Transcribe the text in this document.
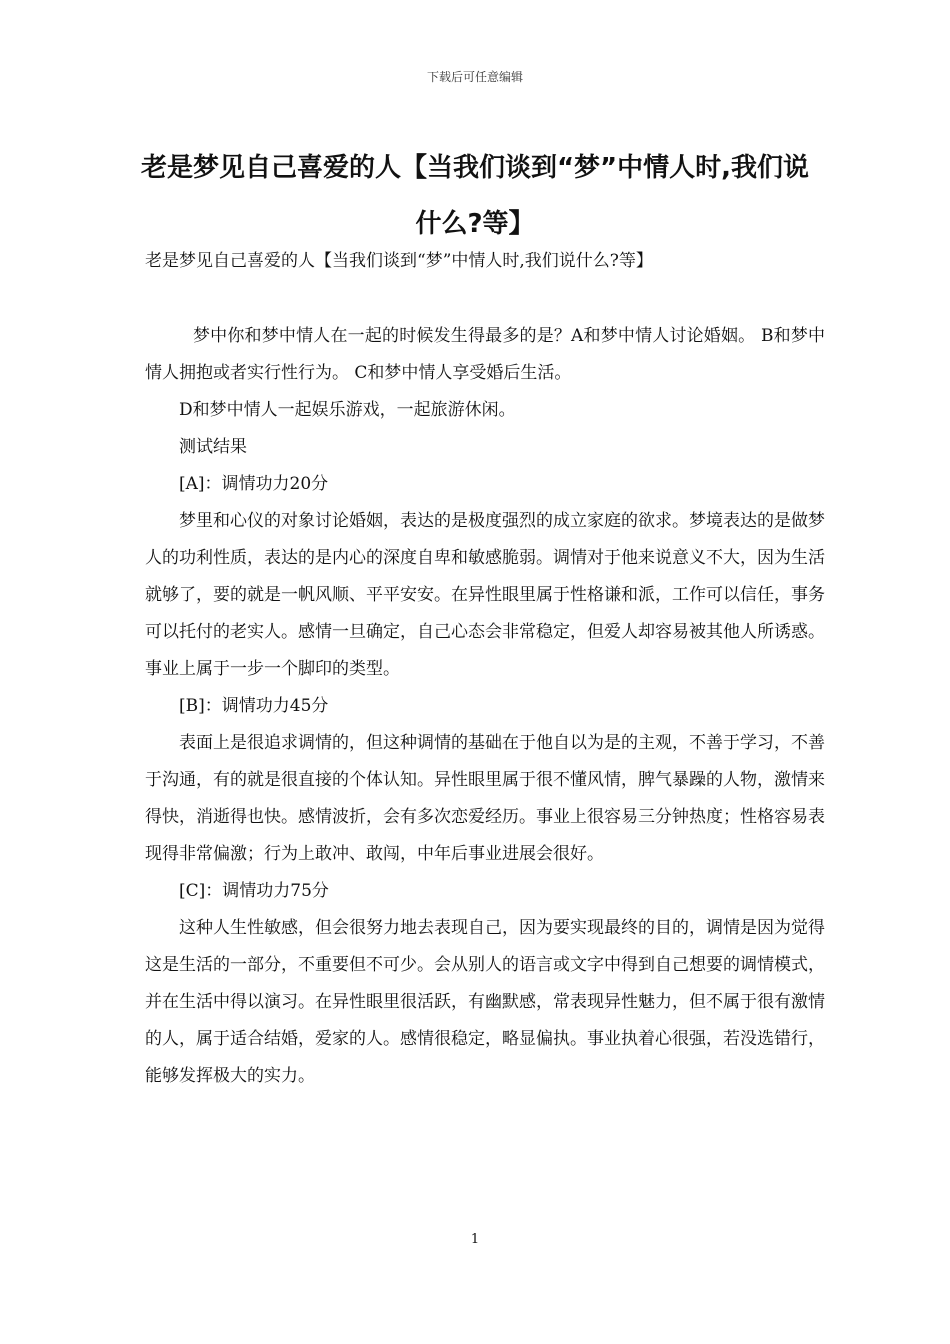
下载后可任意编辑
老是梦见自己喜爱的人【当我们谈到“梦”中情人时,我们说什么?等】

老是梦见自己喜爱的人【当我们谈到“梦”中情人时,我们说什么?等】

梦中你和梦中情人在一起的时候发生得最多的是？A和梦中情人讨论婚姻。 B和梦中情人拥抱或者实行性行为。 C和梦中情人享受婚后生活。

D和梦中情人一起娱乐游戏，一起旅游休闲。

测试结果

[A]：调情功力20分

梦里和心仪的对象讨论婚姻，表达的是极度强烈的成立家庭的欲求。梦境表达的是做梦人的功利性质，表达的是内心的深度自卑和敏感脆弱。调情对于他来说意义不大，因为生活就够了，要的就是一帆风顺、平平安安。在异性眼里属于性格谦和派，工作可以信任，事务可以托付的老实人。感情一旦确定，自己心态会非常稳定，但爱人却容易被其他人所诱惑。事业上属于一步一个脚印的类型。

[B]：调情功力45分

表面上是很追求调情的，但这种调情的基础在于他自以为是的主观，不善于学习，不善于沟通，有的就是很直接的个体认知。异性眼里属于很不懂风情，脾气暴躁的人物，激情来得快，消逝得也快。感情波折，会有多次恋爱经历。事业上很容易三分钟热度；性格容易表现得非常偏激；行为上敢冲、敢闯，中年后事业进展会很好。

[C]：调情功力75分

这种人生性敏感，但会很努力地去表现自己，因为要实现最终的目的，调情是因为觉得这是生活的一部分，不重要但不可少。会从别人的语言或文字中得到自己想要的调情模式，并在生活中得以演习。在异性眼里很活跃，有幽默感，常表现异性魅力，但不属于很有激情的人，属于适合结婚，爱家的人。感情很稳定，略显偏执。事业执着心很强，若没选错行，能够发挥极大的实力。

1
